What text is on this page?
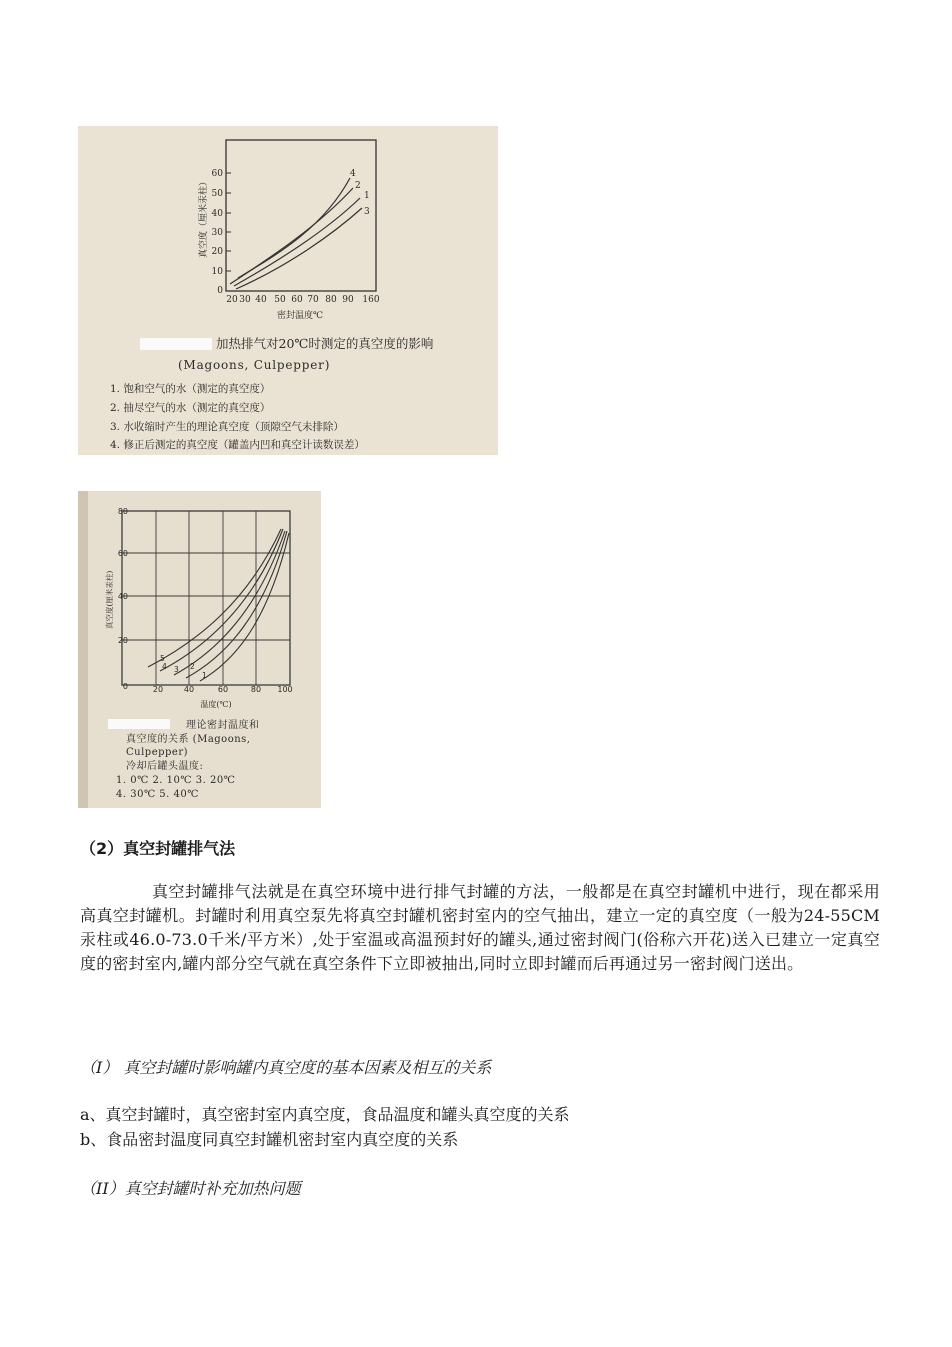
60
50
40
30
20
10
0
真空度（厘米汞柱）
20 30 40 50 60 70 80 90 160
密封温度℃
4
2
1
3
加热排气对20℃时测定的真空度的影响
(Magoons, Culpepper)
1. 饱和空气的水（测定的真空度）
2. 抽尽空气的水（测定的真空度）
3. 水收缩时产生的理论真空度（顶隙空气未排除）
4. 修正后测定的真空度（罐盖内凹和真空计读数误差）
80
60
40
20
0
真空度(厘米汞柱)
20	40	60	80 100
温度(℃)
5
4 3 2
1
理论密封温度和
真空度的关系 (Magoons,
Culpepper)
冷却后罐头温度:
1. 0℃ 2. 10℃ 3. 20℃
4. 30℃ 5. 40℃
（2）真空封罐排气法
真空封罐排气法就是在真空环境中进行排气封罐的方法，一般都是在真空封罐机中进行，现在都采用高真空封罐机。封罐时利用真空泵先将真空封罐机密封室内的空气抽出，建立一定的真空度（一般为24-55CM汞柱或46.0-73.0千米/平方米）,处于室温或高温预封好的罐头,通过密封阀门(俗称六开花)送入已建立一定真空度的密封室内,罐内部分空气就在真空条件下立即被抽出,同时立即封罐而后再通过另一密封阀门送出。
（I） 真空封罐时影响罐内真空度的基本因素及相互的关系
a、真空封罐时，真空密封室内真空度，食品温度和罐头真空度的关系
b、食品密封温度同真空封罐机密封室内真空度的关系
（II）真空封罐时补充加热问题
